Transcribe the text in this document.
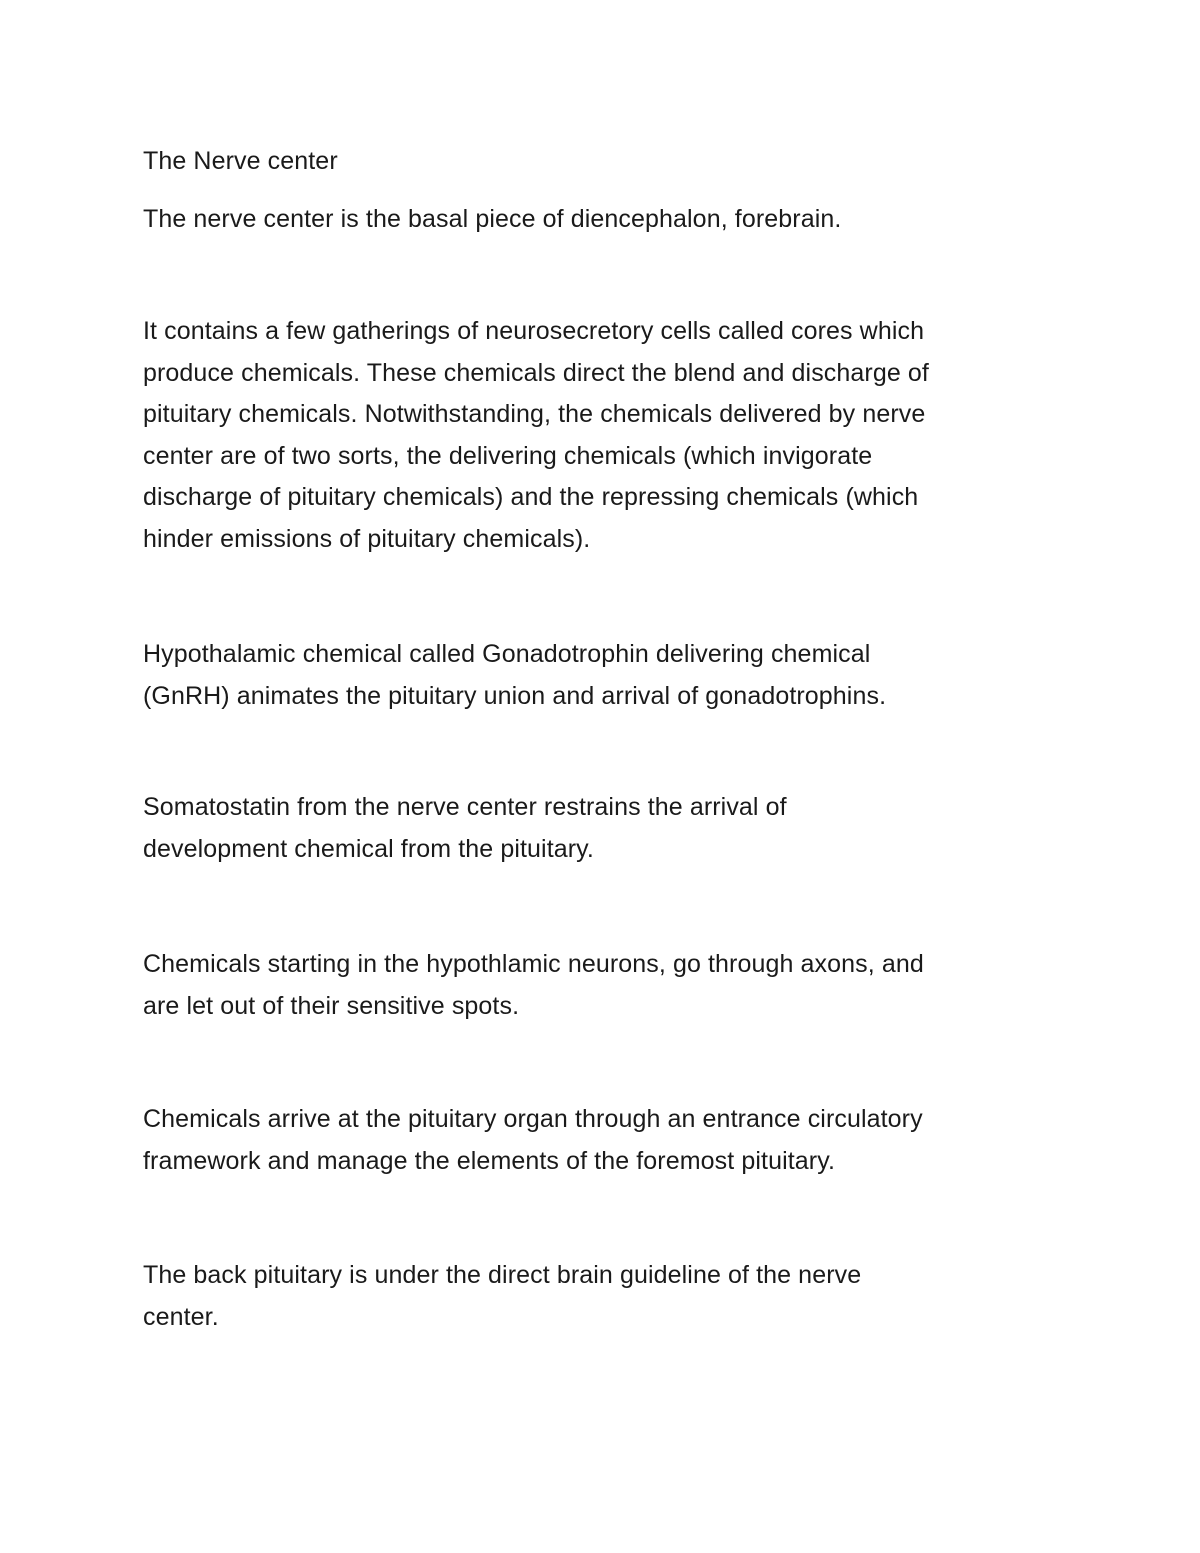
The Nerve center

The nerve center is the basal piece of diencephalon, forebrain.

It contains a few gatherings of neurosecretory cells called cores which
produce chemicals. These chemicals direct the blend and discharge of
pituitary chemicals. Notwithstanding, the chemicals delivered by nerve
center are of two sorts, the delivering chemicals (which invigorate
discharge of pituitary chemicals) and the repressing chemicals (which
hinder emissions of pituitary chemicals).

Hypothalamic chemical called Gonadotrophin delivering chemical
(GnRH) animates the pituitary union and arrival of gonadotrophins.

Somatostatin from the nerve center restrains the arrival of
development chemical from the pituitary.

Chemicals starting in the hypothlamic neurons, go through axons, and
are let out of their sensitive spots.

Chemicals arrive at the pituitary organ through an entrance circulatory
framework and manage the elements of the foremost pituitary.

The back pituitary is under the direct brain guideline of the nerve
center.
